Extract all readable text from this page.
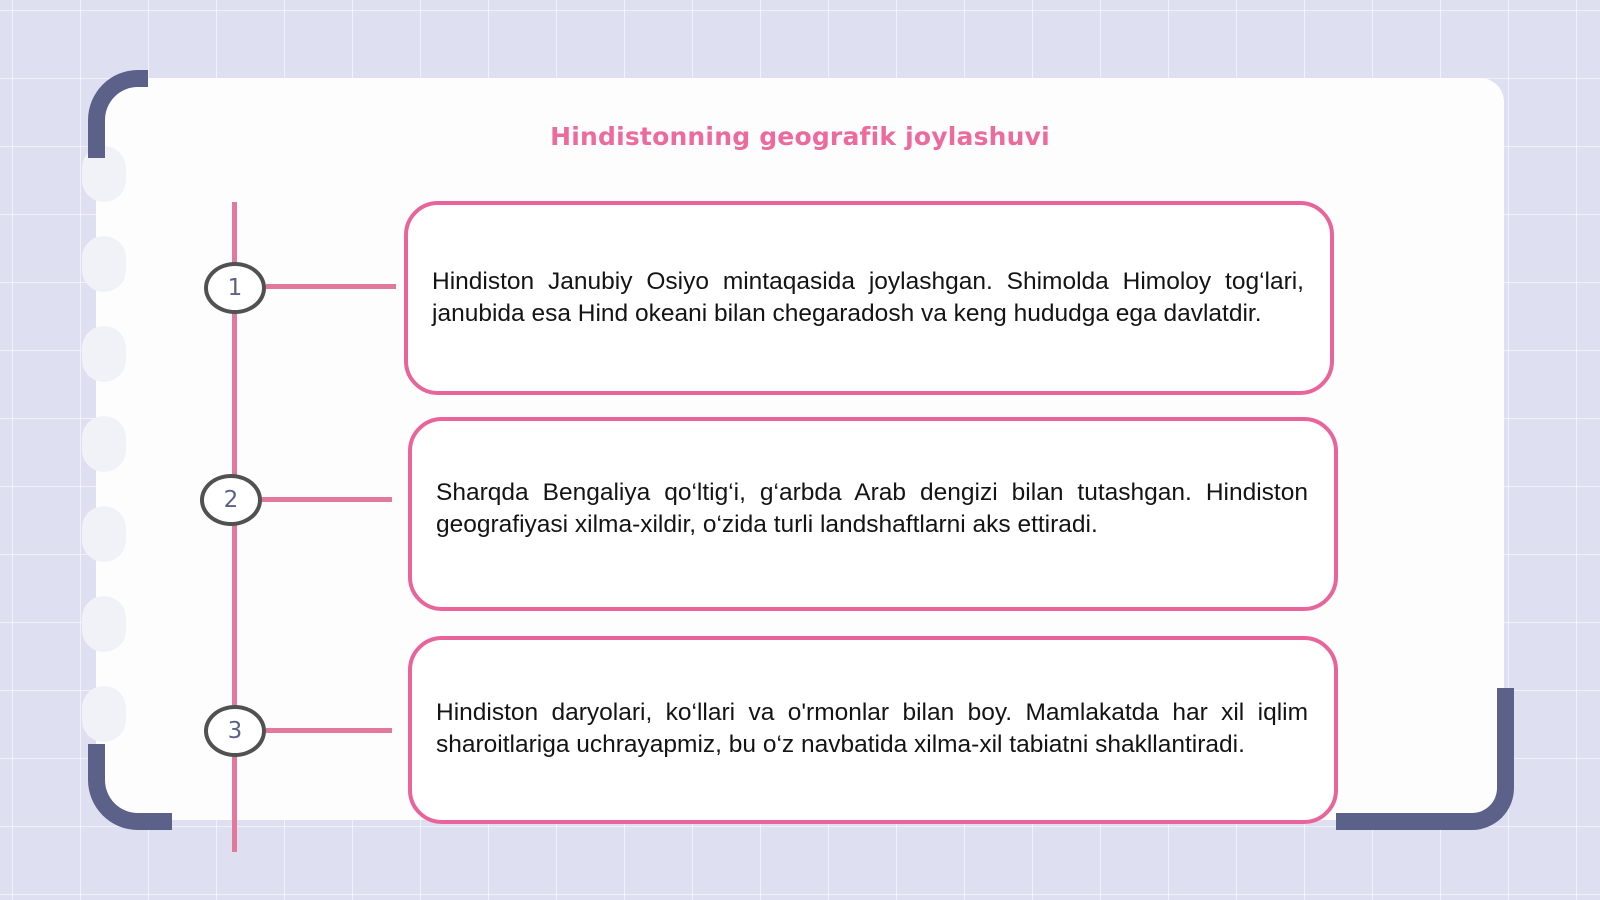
Hindistonning geografik joylashuvi
1	Hindiston Janubiy Osiyo mintaqasida joylashgan. Shimolda Himoloy tog‘lari, janubida esa Hind okeani bilan chegaradosh va keng hududga ega davlatdir.
2	Sharqda Bengaliya qo‘ltig‘i, g‘arbda Arab dengizi bilan tutashgan. Hindiston geografiyasi xilma-xildir, o‘zida turli landshaftlarni aks ettiradi.
3
Hindiston daryolari, ko‘llari va o'rmonlar bilan boy. Mamlakatda har xil iqlim sharoitlariga uchrayapmiz, bu o‘z navbatida xilma-xil tabiatni shakllantiradi.
